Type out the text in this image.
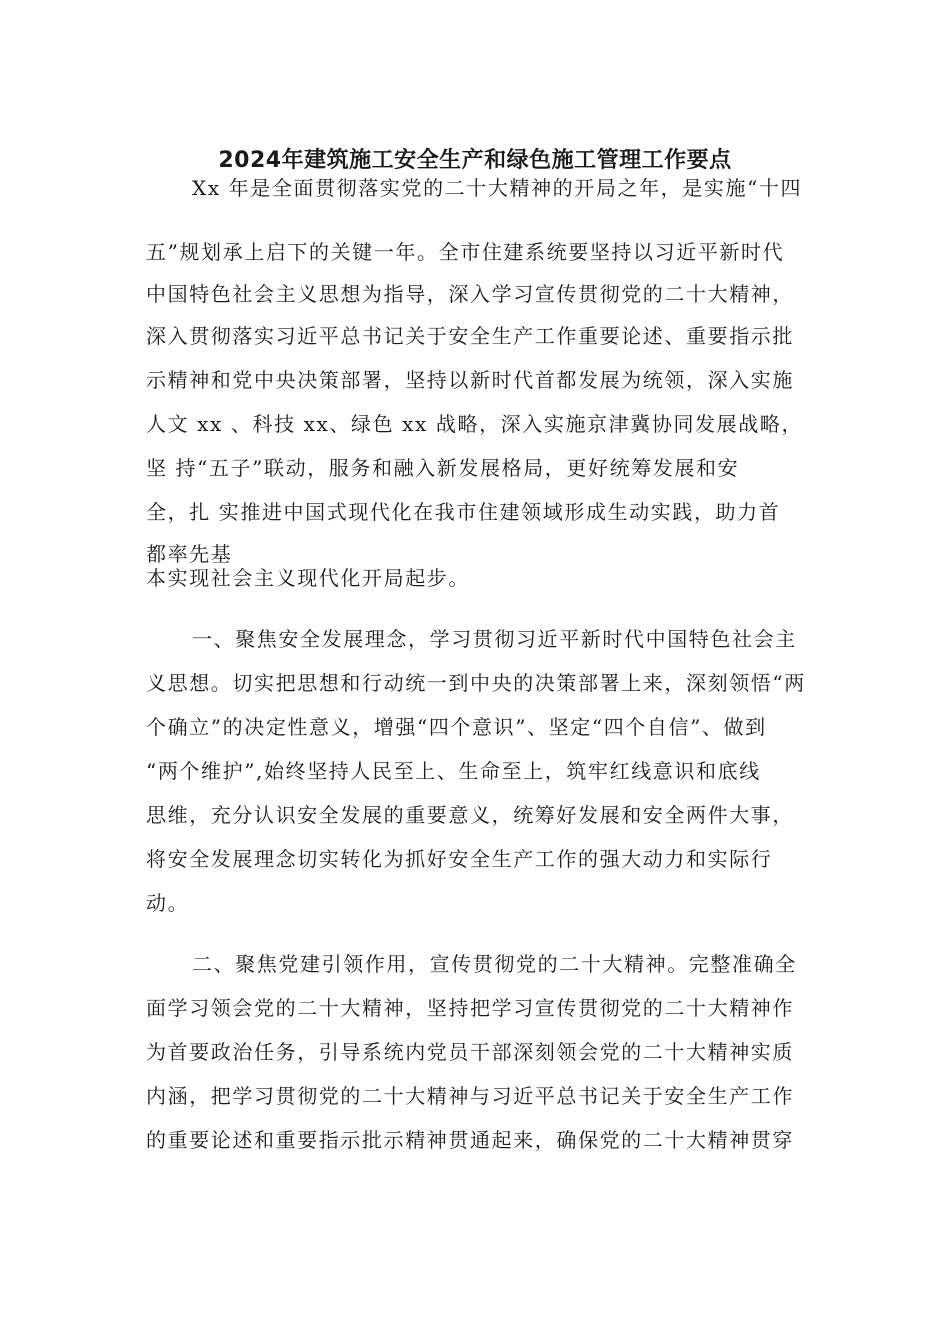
2024年建筑施工安全生产和绿色施工管理工作要点
Xx 年是全面贯彻落实党的二十大精神的开局之年，是实施“十四
五”规划承上启下的关键一年。全市住建系统要坚持以习近平新时代
中国特色社会主义思想为指导，深入学习宣传贯彻党的二十大精神，
深入贯彻落实习近平总书记关于安全生产工作重要论述、重要指示批
示精神和党中央决策部署，坚持以新时代首都发展为统领，深入实施
人文 xx 、科技 xx、绿色 xx 战略，深入实施京津冀协同发展战略，
坚 持“五子”联动，服务和融入新发展格局，更好统筹发展和安
全，扎 实推进中国式现代化在我市住建领域形成生动实践，助力首
都率先基
本实现社会主义现代化开局起步。
一、聚焦安全发展理念，学习贯彻习近平新时代中国特色社会主
义思想。切实把思想和行动统一到中央的决策部署上来，深刻领悟“两
个确立”的决定性意义，增强“四个意识”、坚定“四个自信”、做到
“两个维护”,始终坚持人民至上、生命至上，筑牢红线意识和底线
思维，充分认识安全发展的重要意义，统筹好发展和安全两件大事，
将安全发展理念切实转化为抓好安全生产工作的强大动力和实际行
动。
二、聚焦党建引领作用，宣传贯彻党的二十大精神。完整准确全
面学习领会党的二十大精神，坚持把学习宣传贯彻党的二十大精神作
为首要政治任务，引导系统内党员干部深刻领会党的二十大精神实质
内涵，把学习贯彻党的二十大精神与习近平总书记关于安全生产工作
的重要论述和重要指示批示精神贯通起来，确保党的二十大精神贯穿
